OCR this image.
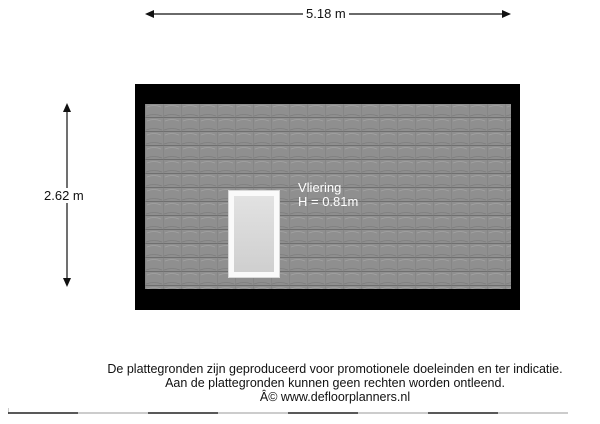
5.18 m
2.62 m
Vliering
H = 0.81m
De plattegronden zijn geproduceerd voor promotionele doeleinden en ter indicatie.
Aan de plattegronden kunnen geen rechten worden ontleend.
Â© www.defloorplanners.nl
